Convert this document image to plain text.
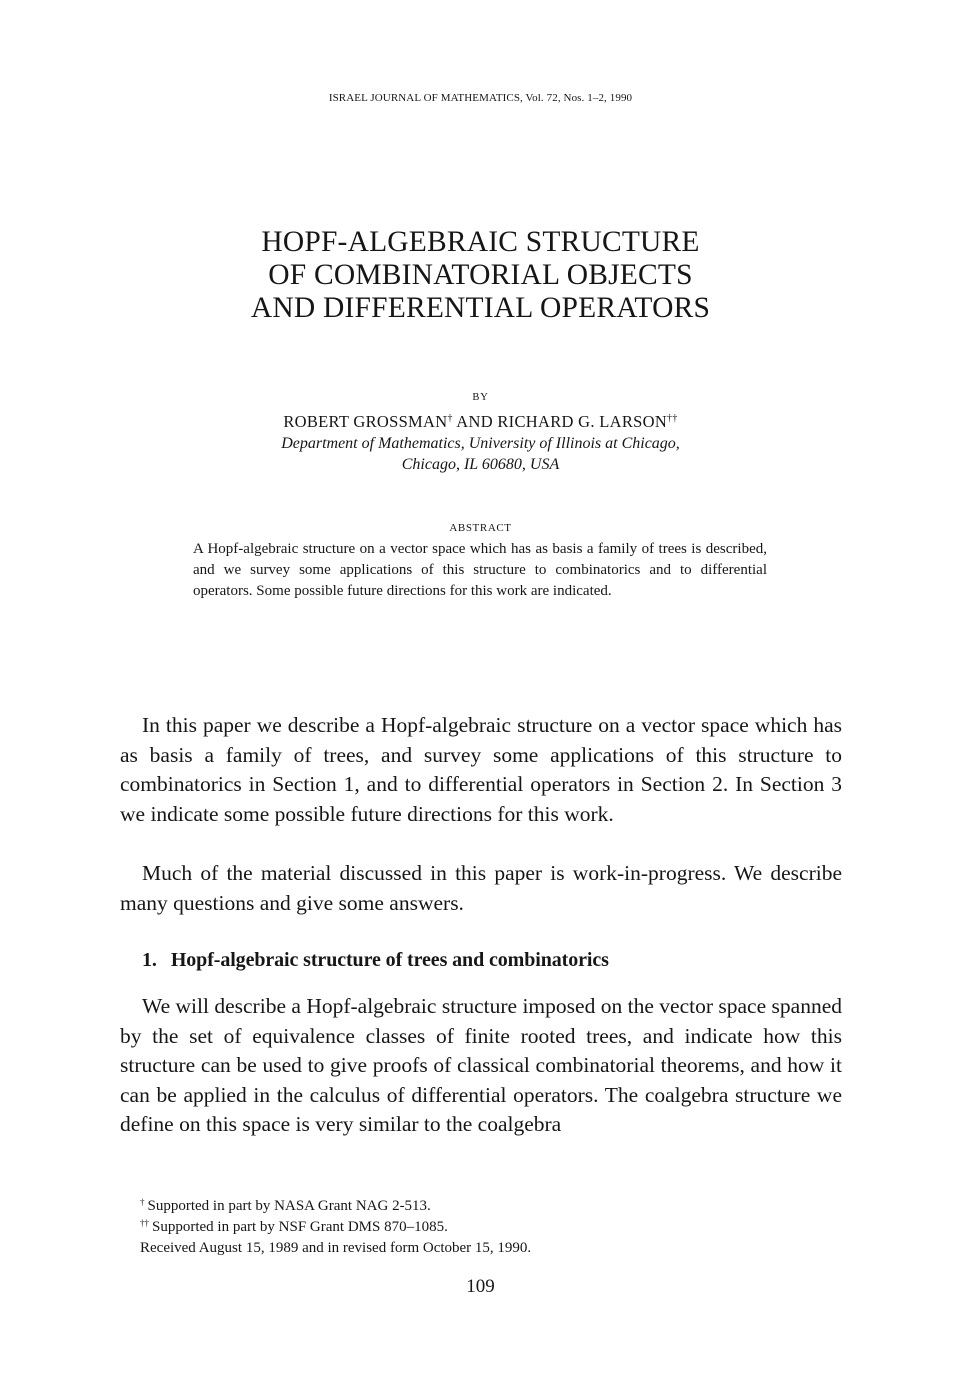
ISRAEL JOURNAL OF MATHEMATICS, Vol. 72, Nos. 1–2, 1990
HOPF-ALGEBRAIC STRUCTURE
OF COMBINATORIAL OBJECTS
AND DIFFERENTIAL OPERATORS
BY
ROBERT GROSSMAN† AND RICHARD G. LARSON††
Department of Mathematics, University of Illinois at Chicago,
Chicago, IL 60680, USA
ABSTRACT
A Hopf-algebraic structure on a vector space which has as basis a family of trees is described, and we survey some applications of this structure to combinatorics and to differential operators. Some possible future directions for this work are indicated.
In this paper we describe a Hopf-algebraic structure on a vector space which has as basis a family of trees, and survey some applications of this structure to combinatorics in Section 1, and to differential operators in Section 2. In Section 3 we indicate some possible future directions for this work.
Much of the material discussed in this paper is work-in-progress. We describe many questions and give some answers.
1. Hopf-algebraic structure of trees and combinatorics
We will describe a Hopf-algebraic structure imposed on the vector space spanned by the set of equivalence classes of finite rooted trees, and indicate how this structure can be used to give proofs of classical combinatorial theorems, and how it can be applied in the calculus of differential operators. The coalgebra structure we define on this space is very similar to the coalgebra
† Supported in part by NASA Grant NAG 2-513.
†† Supported in part by NSF Grant DMS 870–1085.
Received August 15, 1989 and in revised form October 15, 1990.
109
